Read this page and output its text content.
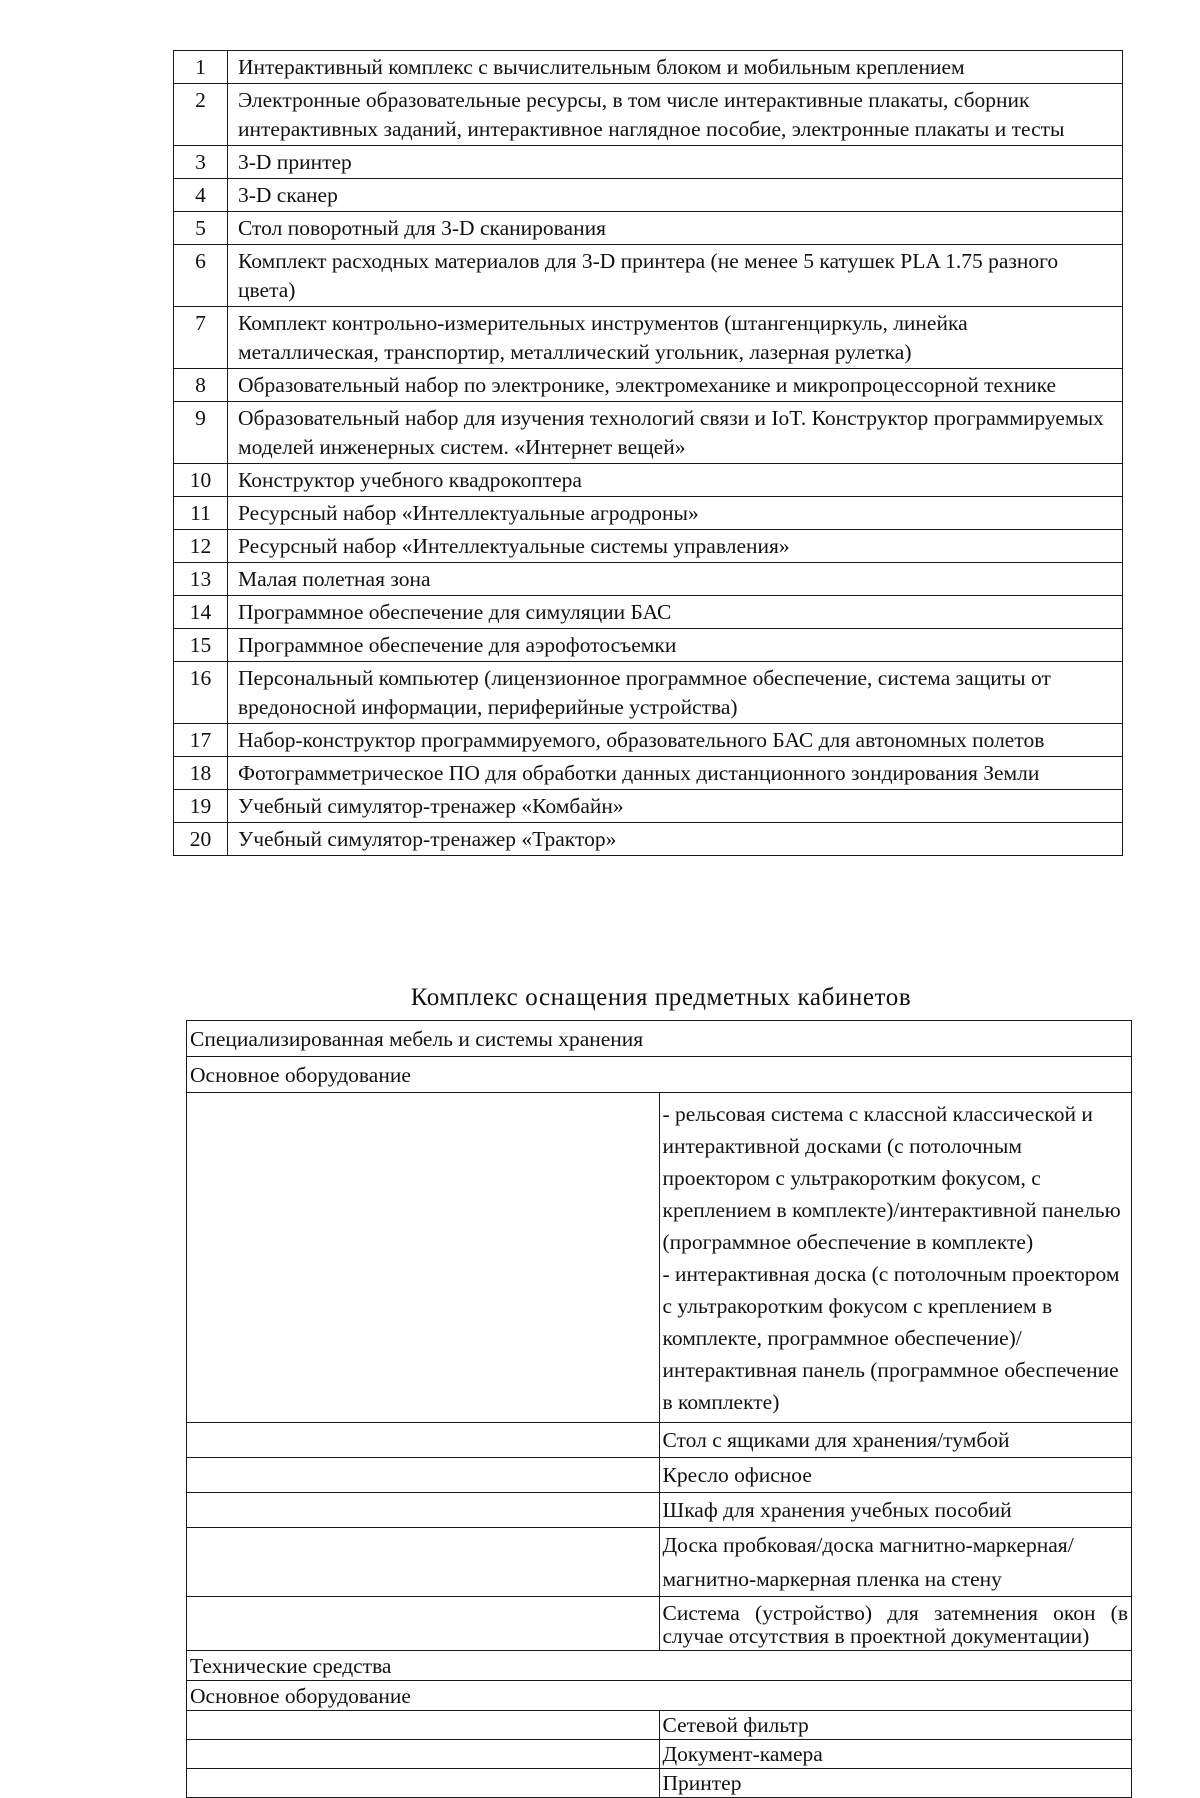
1	Интерактивный комплекс с вычислительным блоком и мобильным креплением
2	Электронные образовательные ресурсы, в том числе интерактивные плакаты, сборник интерактивных заданий, интерактивное наглядное пособие, электронные плакаты и тесты
3	3-D принтер
4	3-D сканер
5	Стол поворотный для 3-D сканирования
6	Комплект расходных материалов для 3-D принтера (не менее 5 катушек PLA 1.75 разного цвета)
7	Комплект контрольно-измерительных инструментов (штангенциркуль, линейка металлическая, транспортир, металлический угольник, лазерная рулетка)
8	Образовательный набор по электронике, электромеханике и микропроцессорной технике
9	Образовательный набор для изучения технологий связи и IoT. Конструктор программируемых моделей инженерных систем. «Интернет вещей»
10	Конструктор учебного квадрокоптера
11	Ресурсный набор «Интеллектуальные агродроны»
12	Ресурсный набор «Интеллектуальные системы управления»
13	Малая полетная зона
14	Программное обеспечение для симуляции БАС
15	Программное обеспечение для аэрофотосъемки
16	Персональный компьютер (лицензионное программное обеспечение, система защиты от вредоносной информации, периферийные устройства)
17	Набор-конструктор программируемого, образовательного БАС для автономных полетов
18	Фотограмметрическое ПО для обработки данных дистанционного зондирования Земли
19	Учебный симулятор-тренажер «Комбайн»
20	Учебный симулятор-тренажер «Трактор»
Комплекс оснащения предметных кабинетов
Специализированная мебель и системы хранения	
Основное оборудование	

	- рельсовая система с классной классической и интерактивной досками (с потолочным проектором с ультракоротким фокусом, с креплением в комплекте)/интерактивной панелью (программное обеспечение в комплекте)
- интерактивная доска (с потолочным проектором с ультракоротким фокусом с креплением в комплекте, программное обеспечение)/интерактивная панель (программное обеспечение в комплекте)

	Стол с ящиками для хранения/тумбой
	Кресло офисное
	Шкаф для хранения учебных пособий
	Доска пробковая/доска магнитно-маркерная/магнитно-маркерная пленка на стену
	Система (устройство) для затемнения окон (в случае отсутствия в проектной документации)
Технические средства	
Основное оборудование	
	Сетевой фильтр
	Документ-камера
	Принтер
